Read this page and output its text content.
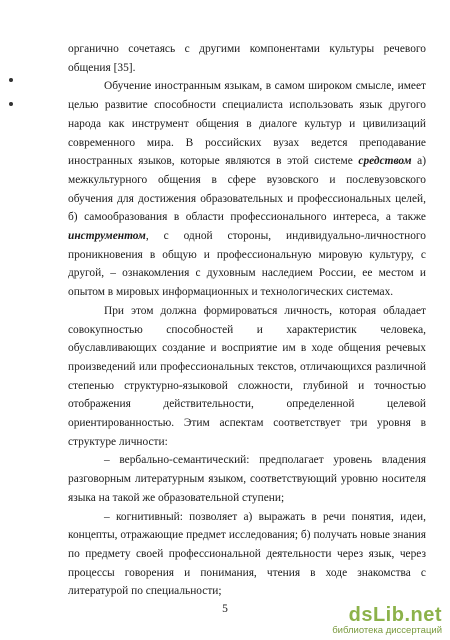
органично сочетаясь с другими компонентами культуры речевого общения [35].

Обучение иностранным языкам, в самом широком смысле, имеет целью развитие способности специалиста использовать язык другого народа как инструмент общения в диалоге культур и цивилизаций современного мира. В российских вузах ведется преподавание иностранных языков, которые являются в этой системе средством а) межкультурного общения в сфере вузовского и послевузовского обучения для достижения образовательных и профессиональных целей, б) самообразования в области профессионального интереса, а также инструментом, с одной стороны, индивидуально-личностного проникновения в общую и профессиональную мировую культуру, с другой, – ознакомления с духовным наследием России, ее местом и опытом в мировых информационных и технологических системах.

При этом должна формироваться личность, которая обладает совокупностью способностей и характеристик человека, обуславливающих создание и восприятие им в ходе общения речевых произведений или профессиональных текстов, отличающихся различной степенью структурно-языковой сложности, глубиной и точностью отображения действительности, определенной целевой ориентированностью. Этим аспектам соответствует три уровня в структуре личности:

– вербально-семантический: предполагает уровень владения разговорным литературным языком, соответствующий уровню носителя языка на такой же образовательной ступени;

– когнитивный: позволяет а) выражать в речи понятия, идеи, концепты, отражающие предмет исследования; б) получать новые знания по предмету своей профессиональной деятельности через язык, через процессы говорения и понимания, чтения в ходе знакомства с литературой по специальности;

5	dsLib.net
библиотека диссертаций
